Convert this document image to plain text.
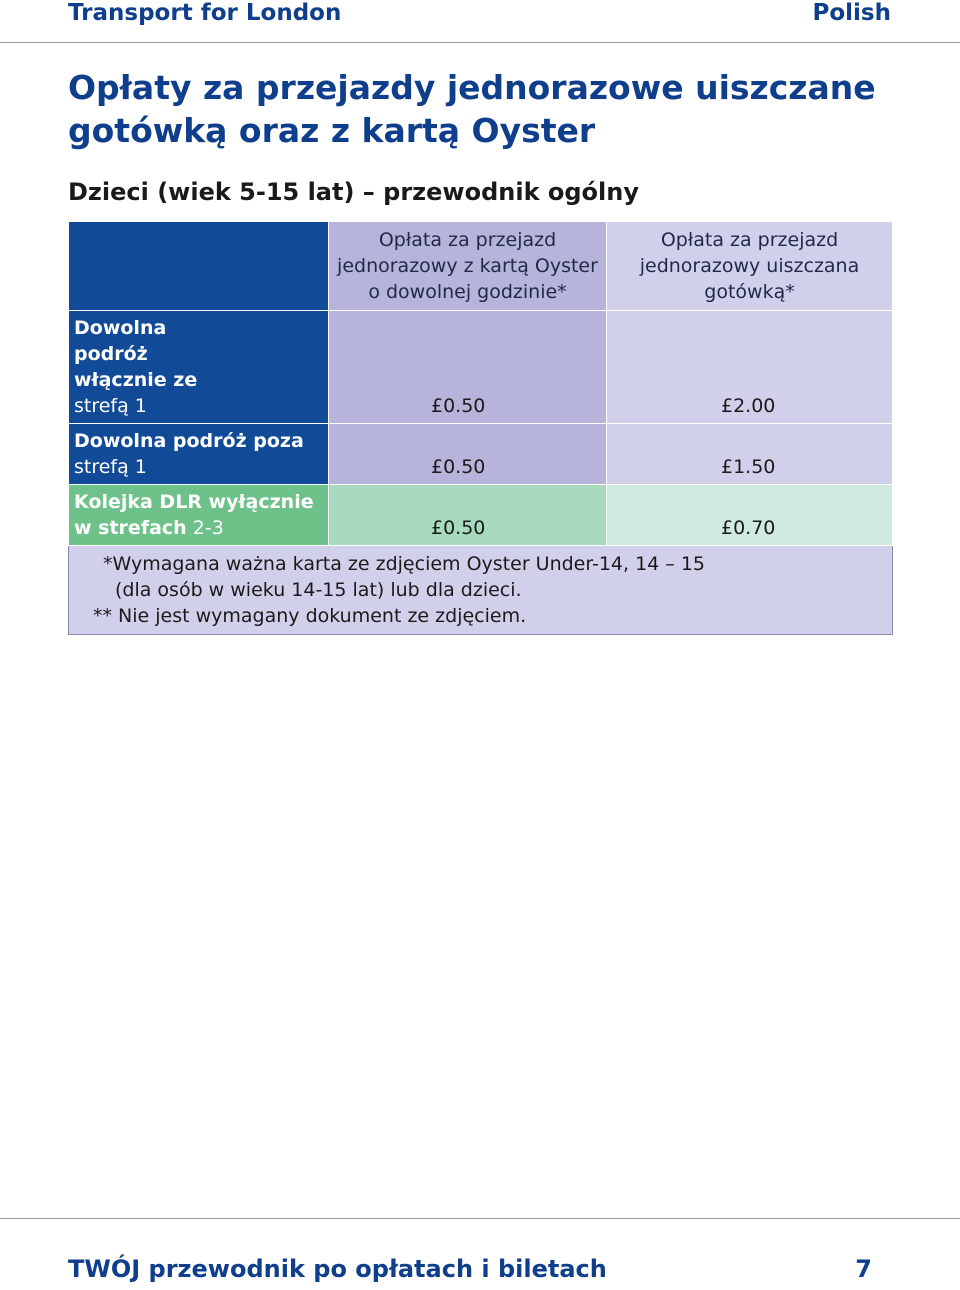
Transport for London	Polish
Opłaty za przejazdy jednorazowe uiszczane gotówką oraz z kartą Oyster
Dzieci (wiek 5-15 lat) – przewodnik ogólny
	Opłata za przejazd jednorazowy z kartą Oyster o dowolnej godzinie*	Opłata za przejazd jednorazowy uiszczana gotówką*

Dowolna podróż włącznie ze
strefą 1	£0.50	£2.00

Dowolna podróż poza
strefą 1	£0.50	£1.50

Kolejka DLR wyłącznie w strefach 2-3	£0.50	£0.70

*Wymagana ważna karta ze zdjęciem Oyster Under-14, 14 – 15
(dla osób w wieku 14-15 lat) lub dla dzieci.
** Nie jest wymagany dokument ze zdjęciem.		
TWÓJ przewodnik po opłatach i biletach	7
